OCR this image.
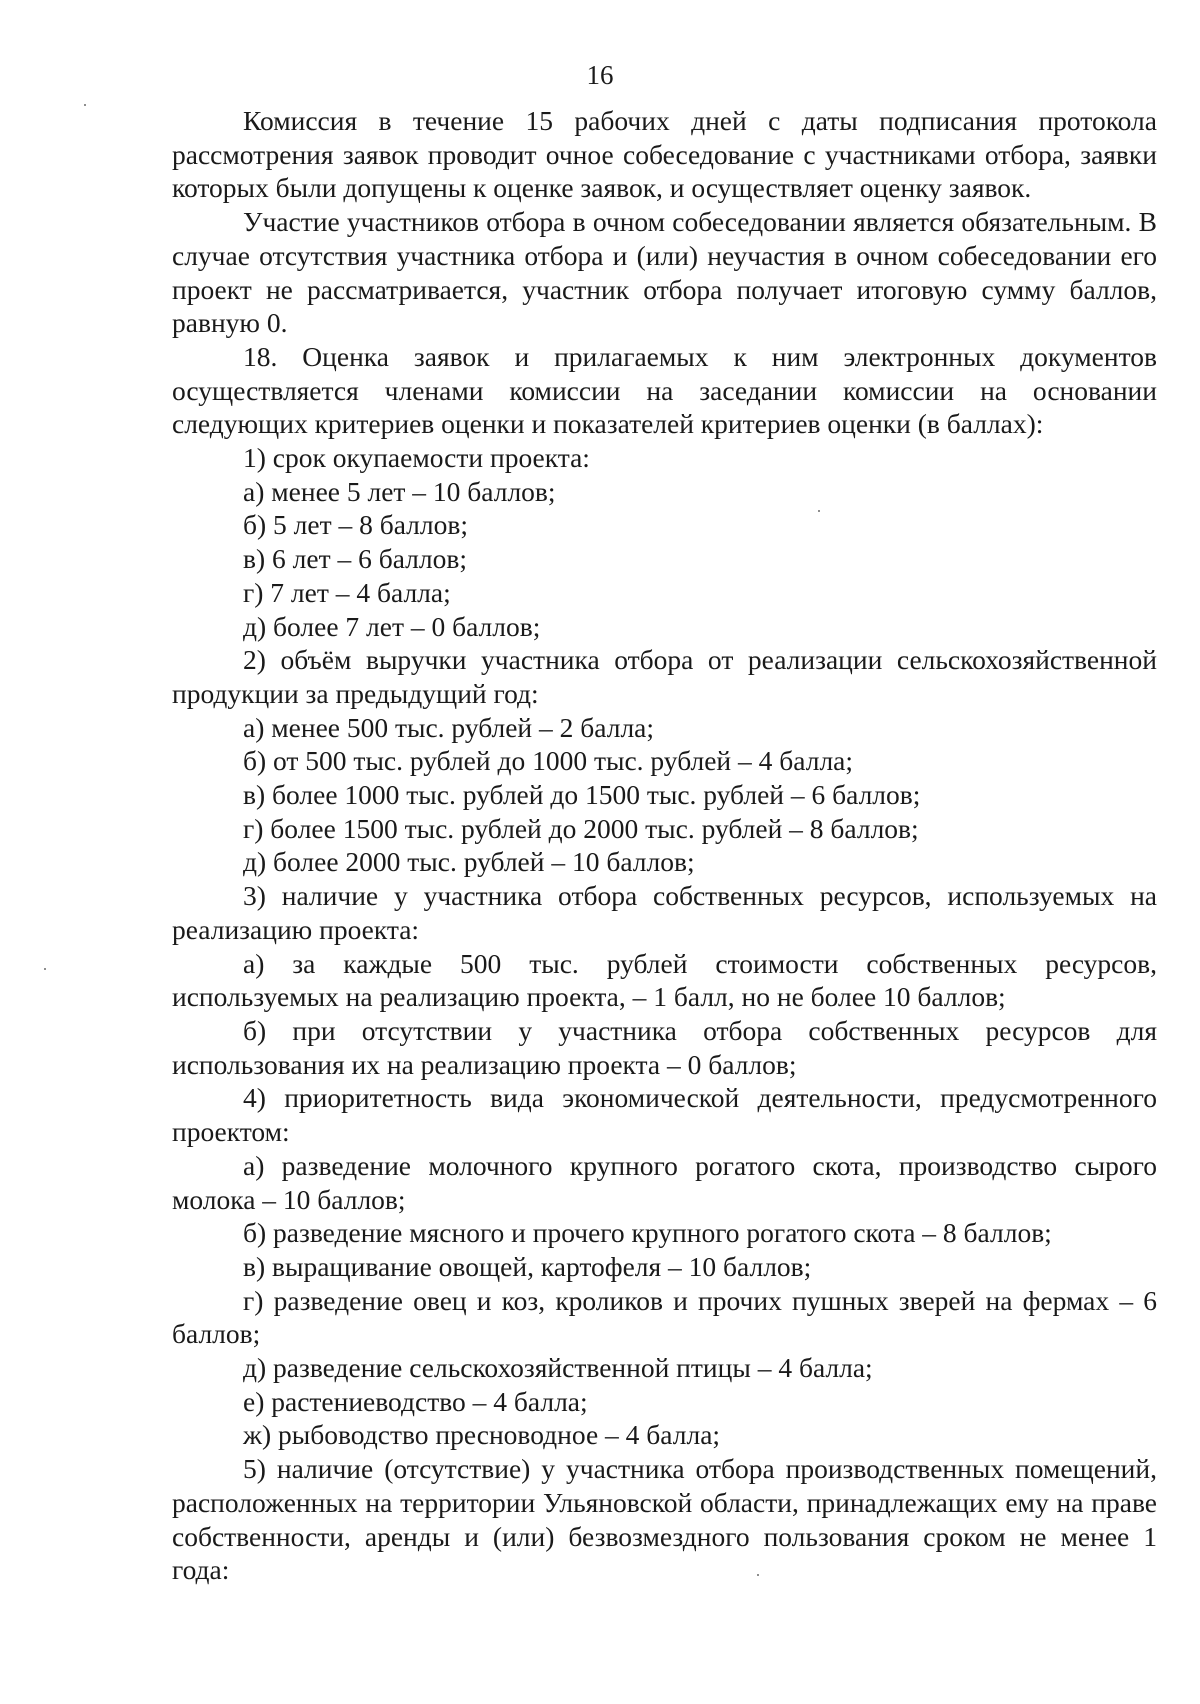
16

Комиссия в течение 15 рабочих дней с даты подписания протокола рассмотрения заявок проводит очное собеседование с участниками отбора, заявки которых были допущены к оценке заявок, и осуществляет оценку заявок.

Участие участников отбора в очном собеседовании является обязательным. В случае отсутствия участника отбора и (или) неучастия в очном собеседовании его проект не рассматривается, участник отбора получает итоговую сумму баллов, равную 0.

18. Оценка заявок и прилагаемых к ним электронных документов осуществляется членами комиссии на заседании комиссии на основании следующих критериев оценки и показателей критериев оценки (в баллах):

1) срок окупаемости проекта:

а) менее 5 лет – 10 баллов;

б) 5 лет – 8 баллов;

в) 6 лет – 6 баллов;

г) 7 лет – 4 балла;

д) более 7 лет – 0 баллов;

2) объём выручки участника отбора от реализации сельскохозяйственной продукции за предыдущий год:

а) менее 500 тыс. рублей – 2 балла;

б) от 500 тыс. рублей до 1000 тыс. рублей – 4 балла;

в) более 1000 тыс. рублей до 1500 тыс. рублей – 6 баллов;

г) более 1500 тыс. рублей до 2000 тыс. рублей – 8 баллов;

д) более 2000 тыс. рублей – 10 баллов;

3) наличие у участника отбора собственных ресурсов, используемых на реализацию проекта:

а) за каждые 500 тыс. рублей стоимости собственных ресурсов, используемых на реализацию проекта, – 1 балл, но не более 10 баллов;

б) при отсутствии у участника отбора собственных ресурсов для использования их на реализацию проекта – 0 баллов;

4) приоритетность вида экономической деятельности, предусмотренного проектом:

а) разведение молочного крупного рогатого скота, производство сырого молока – 10 баллов;

б) разведение мясного и прочего крупного рогатого скота – 8 баллов;

в) выращивание овощей, картофеля – 10 баллов;

г) разведение овец и коз, кроликов и прочих пушных зверей на фермах – 6 баллов;

д) разведение сельскохозяйственной птицы – 4 балла;

е) растениеводство – 4 балла;

ж) рыбоводство пресноводное – 4 балла;

5) наличие (отсутствие) у участника отбора производственных помещений, расположенных на территории Ульяновской области, принадлежащих ему на праве собственности, аренды и (или) безвозмездного пользования сроком не менее 1 года:
